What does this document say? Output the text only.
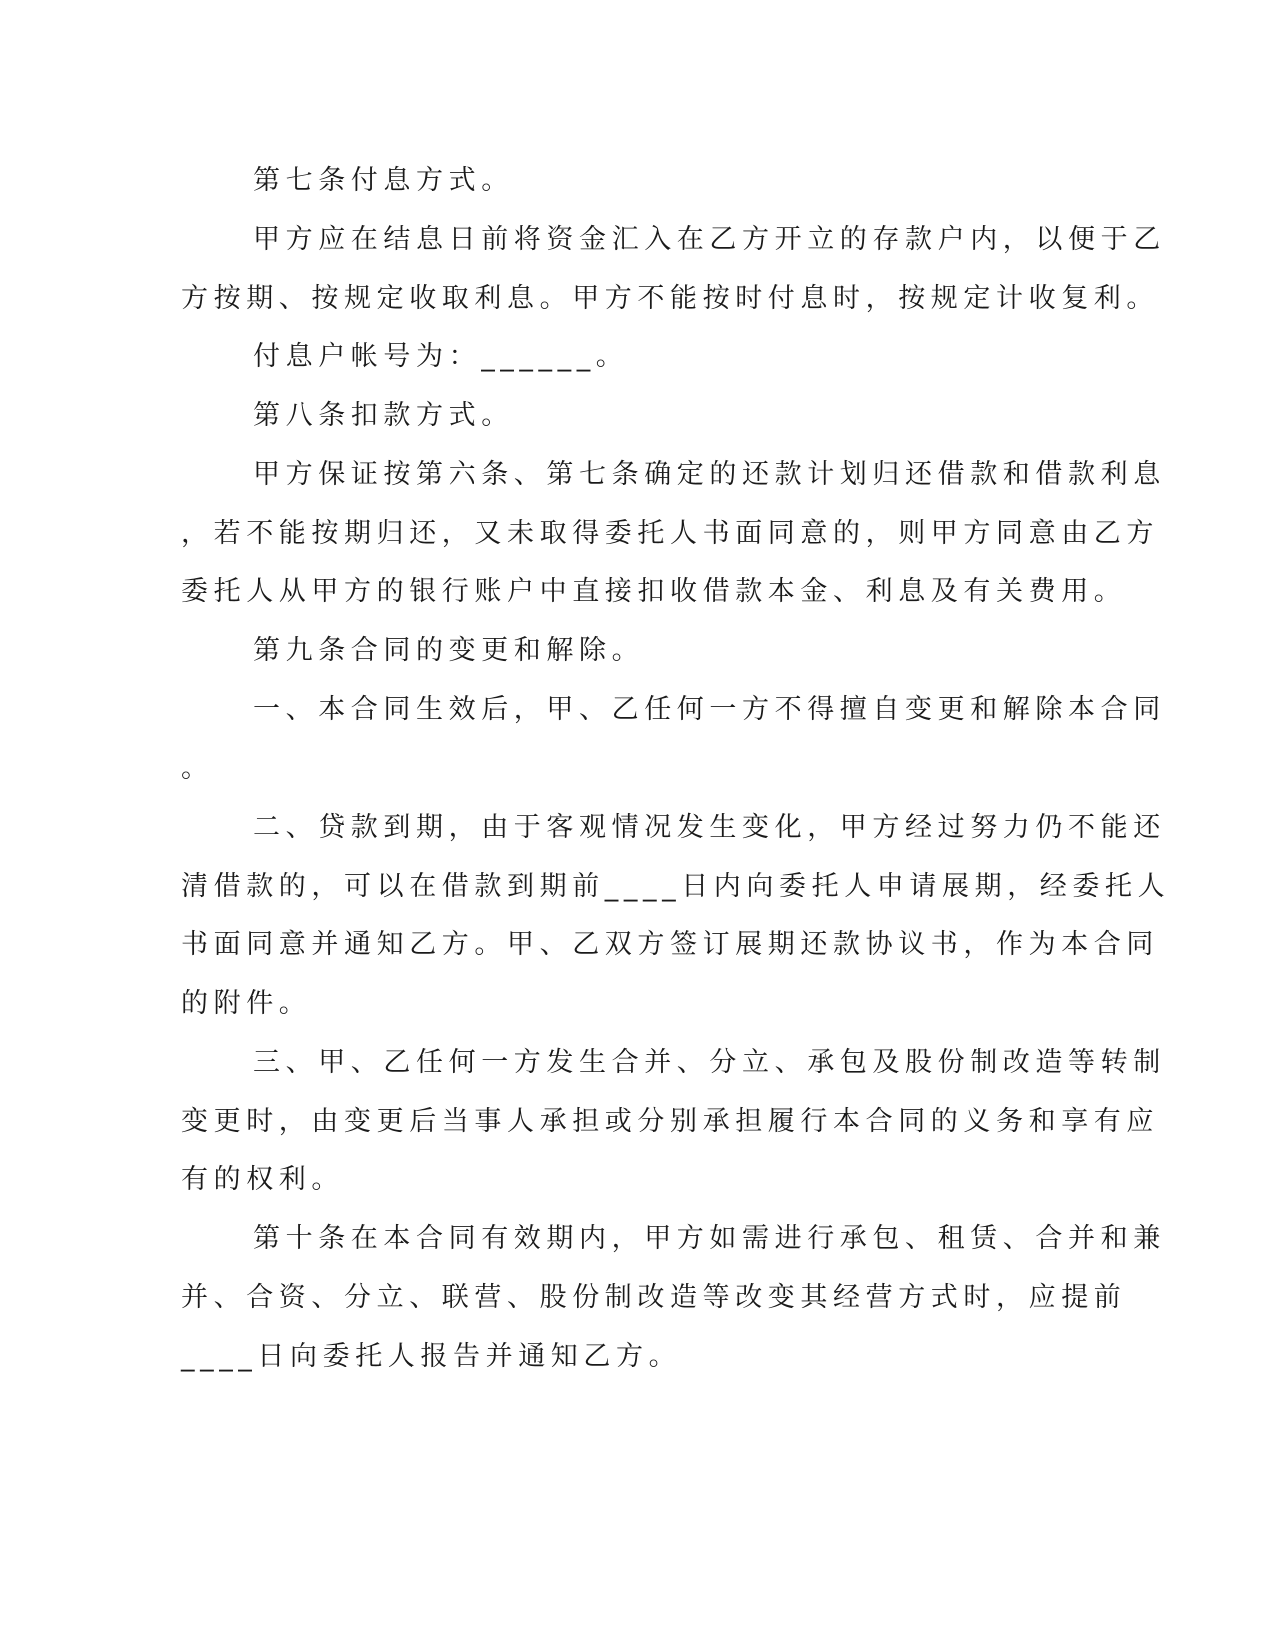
第七条付息方式。
甲方应在结息日前将资金汇入在乙方开立的存款户内，以便于乙
方按期、按规定收取利息。甲方不能按时付息时，按规定计收复利。
付息户帐号为：______。
第八条扣款方式。
甲方保证按第六条、第七条确定的还款计划归还借款和借款利息
，若不能按期归还，又未取得委托人书面同意的，则甲方同意由乙方
委托人从甲方的银行账户中直接扣收借款本金、利息及有关费用。
第九条合同的变更和解除。
一、本合同生效后，甲、乙任何一方不得擅自变更和解除本合同
。
二、贷款到期，由于客观情况发生变化，甲方经过努力仍不能还
清借款的，可以在借款到期前____日内向委托人申请展期，经委托人
书面同意并通知乙方。甲、乙双方签订展期还款协议书，作为本合同
的附件。
三、甲、乙任何一方发生合并、分立、承包及股份制改造等转制
变更时，由变更后当事人承担或分别承担履行本合同的义务和享有应
有的权利。
第十条在本合同有效期内，甲方如需进行承包、租赁、合并和兼
并、合资、分立、联营、股份制改造等改变其经营方式时，应提前
____日向委托人报告并通知乙方。
